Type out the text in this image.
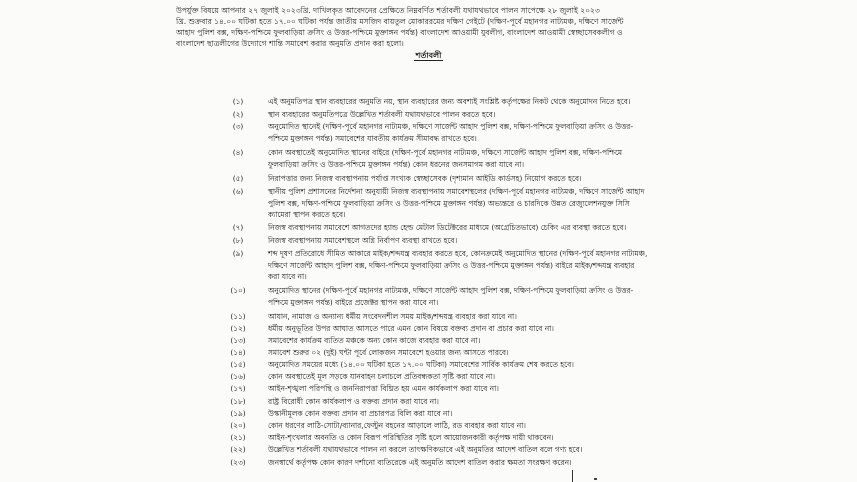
উপর্যুক্ত বিষয়ে আপনার ২৭ জুলাই ২০২৩খ্রি. দাখিলকৃত আবেদনের প্রেক্ষিতে নিম্নবর্ণিত শর্তাবলী যথাযথভাবে পালন সাপেক্ষে ২৮ জুলাই ২০২৩
খ্রি. শুক্রবার ১৪.০০ ঘটিকা হতে ১৭.০০ ঘটিকা পর্যন্ত জাতীয় মসজিদ বায়তুল মোকাররমের দক্ষিণ গেইটে (দক্ষিণ-পূর্বে মহানগর নাট্যমঞ্চ, দক্ষিণে সার্জেন্ট
আহাদ পুলিশ বক্স, দক্ষিণ-পশ্চিমে ফুলবাড়িয়া ক্রসিং ও উত্তর-পশ্চিমে মুক্তাঙ্গন পর্যন্ত) বাংলাদেশ আওয়ামী যুবলীগ, বাংলাদেশ আওয়ামী স্বেচ্ছাসেবকলীগ ও
বাংলাদেশ ছাত্রলীগের উদ্যোগে শান্তি সমাবেশ করার অনুমতি প্রদান করা হলো।
শর্তাবলী
(১)	এই অনুমতিপত্র স্থান ব্যবহারের অনুমতি নয়, স্থান ব্যবহারের জন্য অবশ্যই সংশ্লিষ্ট কর্তৃপক্ষের নিকট থেকে অনুমোদন নিতে হবে।
(২)	স্থান ব্যবহারের অনুমতিপত্রে উল্লেখিত শর্তাবলী যথাযথভাবে পালন করতে হবে।
(৩)	অনুমোদিত স্থানেই (দক্ষিণ-পূর্বে মহানগর নাট্যমঞ্চ, দক্ষিণে সার্জেন্ট আহাদ পুলিশ বক্স, দক্ষিণ-পশ্চিমে ফুলবাড়িয়া ক্রসিং ও উত্তর-
পশ্চিমে মুক্তাঙ্গন পর্যন্ত) সমাবেশের যাবতীয় কার্যক্রম সীমাবদ্ধ রাখতে হবে।
(৪)	কোন অবস্থাতেই অনুমোদিত স্থানের বাইরে (দক্ষিণ-পূর্বে মহানগর নাট্যমঞ্চ, দক্ষিণে সার্জেন্ট আহাদ পুলিশ বক্স, দক্ষিণ-পশ্চিমে
ফুলবাড়িয়া ক্রসিং ও উত্তর-পশ্চিমে মুক্তাঙ্গন পর্যন্ত) কোন ধরনের জনসমাগম করা যাবে না।
(৫)	নিরাপত্তার জন্য নিজস্ব ব্যবস্থাপনায় পর্যাপ্ত সংখ্যক স্বেচ্ছাসেবক (দৃশ্যমান আইডি কার্ডসহ) নিয়োগ করতে হবে।
(৬)	স্থানীয় পুলিশ প্রশাসনের নির্দেশনা অনুযায়ী নিজস্ব ব্যবস্থাপনায় সমাবেশস্থলের (দক্ষিণ-পূর্বে মহানগর নাট্যমঞ্চ, দক্ষিণে সার্জেন্ট আহাদ
পুলিশ বক্স, দক্ষিণ-পশ্চিমে ফুলবাড়িয়া ক্রসিং ও উত্তর-পশ্চিমে মুক্তাঙ্গন পর্যন্ত) অভ্যন্তরে ও চারদিকে উন্নত রেজ্যুলেশনযুক্ত সিসি
ক্যামেরা স্থাপন করতে হবে।
(৭)	নিজস্ব ব্যবস্থাপনায় সমাবেশে আগতদের হ্যান্ড হেল্ড মেটাল ডিটেক্টরের মাধ্যমে (অগ্রেচিতভাবে) চেকিং এর ব্যবস্থা করতে হবে।
(৮)	নিজস্ব ব্যবস্থাপনায় সমাবেশস্থলে অগ্নি নির্বাপণ ব্যবস্থা রাখতে হবে।
(৯)	শব্দ দূষণ প্রতিরোধে সীমিত আকারে মাইক/শব্দযন্ত্র ব্যবহার করতে হবে, কোনক্রমেই অনুমোদিত স্থানের (দক্ষিণ-পূর্বে মহানগর নাট্যমঞ্চ,
দক্ষিণে সার্জেন্ট আহাদ পুলিশ বক্স, দক্ষিণ-পশ্চিমে ফুলবাড়িয়া ক্রসিং ও উত্তর-পশ্চিমে মুক্তাঙ্গন পর্যন্ত) বাইরে মাইক/শব্দযন্ত্র ব্যবহার
করা যাবে না।
(১০)	অনুমোদিত স্থানের (দক্ষিণ-পূর্বে মহানগর নাট্যমঞ্চ, দক্ষিণে সার্জেন্ট আহাদ পুলিশ বক্স, দক্ষিণ-পশ্চিমে ফুলবাড়িয়া ক্রসিং ও উত্তর-
পশ্চিমে মুক্তাঙ্গন পর্যন্ত) বাইরে প্রজেক্টর স্থাপন করা যাবে না।
(১১)	আযান, নামাজ ও অন্যান্য ধর্মীয় সংবেদনশীল সময় মাইক/শব্দযন্ত্র ব্যবহার করা যাবে না।
(১২)	ধর্মীয় অনুভূতির উপর আঘাত আসতে পারে এমন কোন বিষয়ে বক্তব্য প্রদান বা প্রচার করা যাবে না।
(১৩)	সমাবেশের কার্যক্রম ব্যতিত মঞ্চকে অন্য কোন কাজে ব্যবহার করা যাবে না।
(১৪)	সমাবেশ শুরুর ০২ (দুই) ঘন্টা পূর্বে লোকজন সমাবেশে হওয়ার জন্য আসতে পারবে।
(১৫)	অনুমোদিত সময়ের মধ্যে (১৪.০০ ঘটিকা হতে ১৭.০০ ঘটিকা) সমাবেশের সার্বিক কার্যক্রম শেষ করতে হবে।
(১৬)	কোন অবস্থাতেই মূল সড়কে যানবাহন চলাচলে প্রতিবন্ধকতা সৃষ্টি করা যাবে না।
(১৭)	আইন-শৃঙ্খলা পরিপন্থি ও জননিরাপত্তা বিঘ্নিত হয় এমন কার্যকলাপ করা যাবে না।
(১৮)	রাষ্ট্র বিরোধী কোন কার্যকলাপ ও বক্তব্য প্রদান করা যাবে না।
(১৯)	উস্কানীমূলক কোন বক্তব্য প্রদান বা প্রচারপত্র বিলি করা যাবে না।
(২০)	কোন ধরণের লাঠি-সোটা/ব্যানার,ফেস্টুন বহনের আড়ালে লাঠি, রড ব্যবহার করা যাবে না।
(২১)	আইন-শৃংখলার অবনতি ও কোন বিরূপ পরিস্থিতির সৃষ্টি হলে আয়োজনকারী কর্তৃপক্ষ দায়ী থাকবেন।
(২২)	উল্লেখিত শর্তাবলী যথাযথভাবে পালন না করলে তাৎক্ষণিকভাবে এই অনুমতির আদেশ বাতিল বলে গণ্য হবে।
(২৩)	জনস্বার্থে কর্তৃপক্ষ কোন কারণ দর্শানো ব্যতিরেকে এই অনুমতি আদেশ বাতিল করার ক্ষমতা সংরক্ষণ করেন।
